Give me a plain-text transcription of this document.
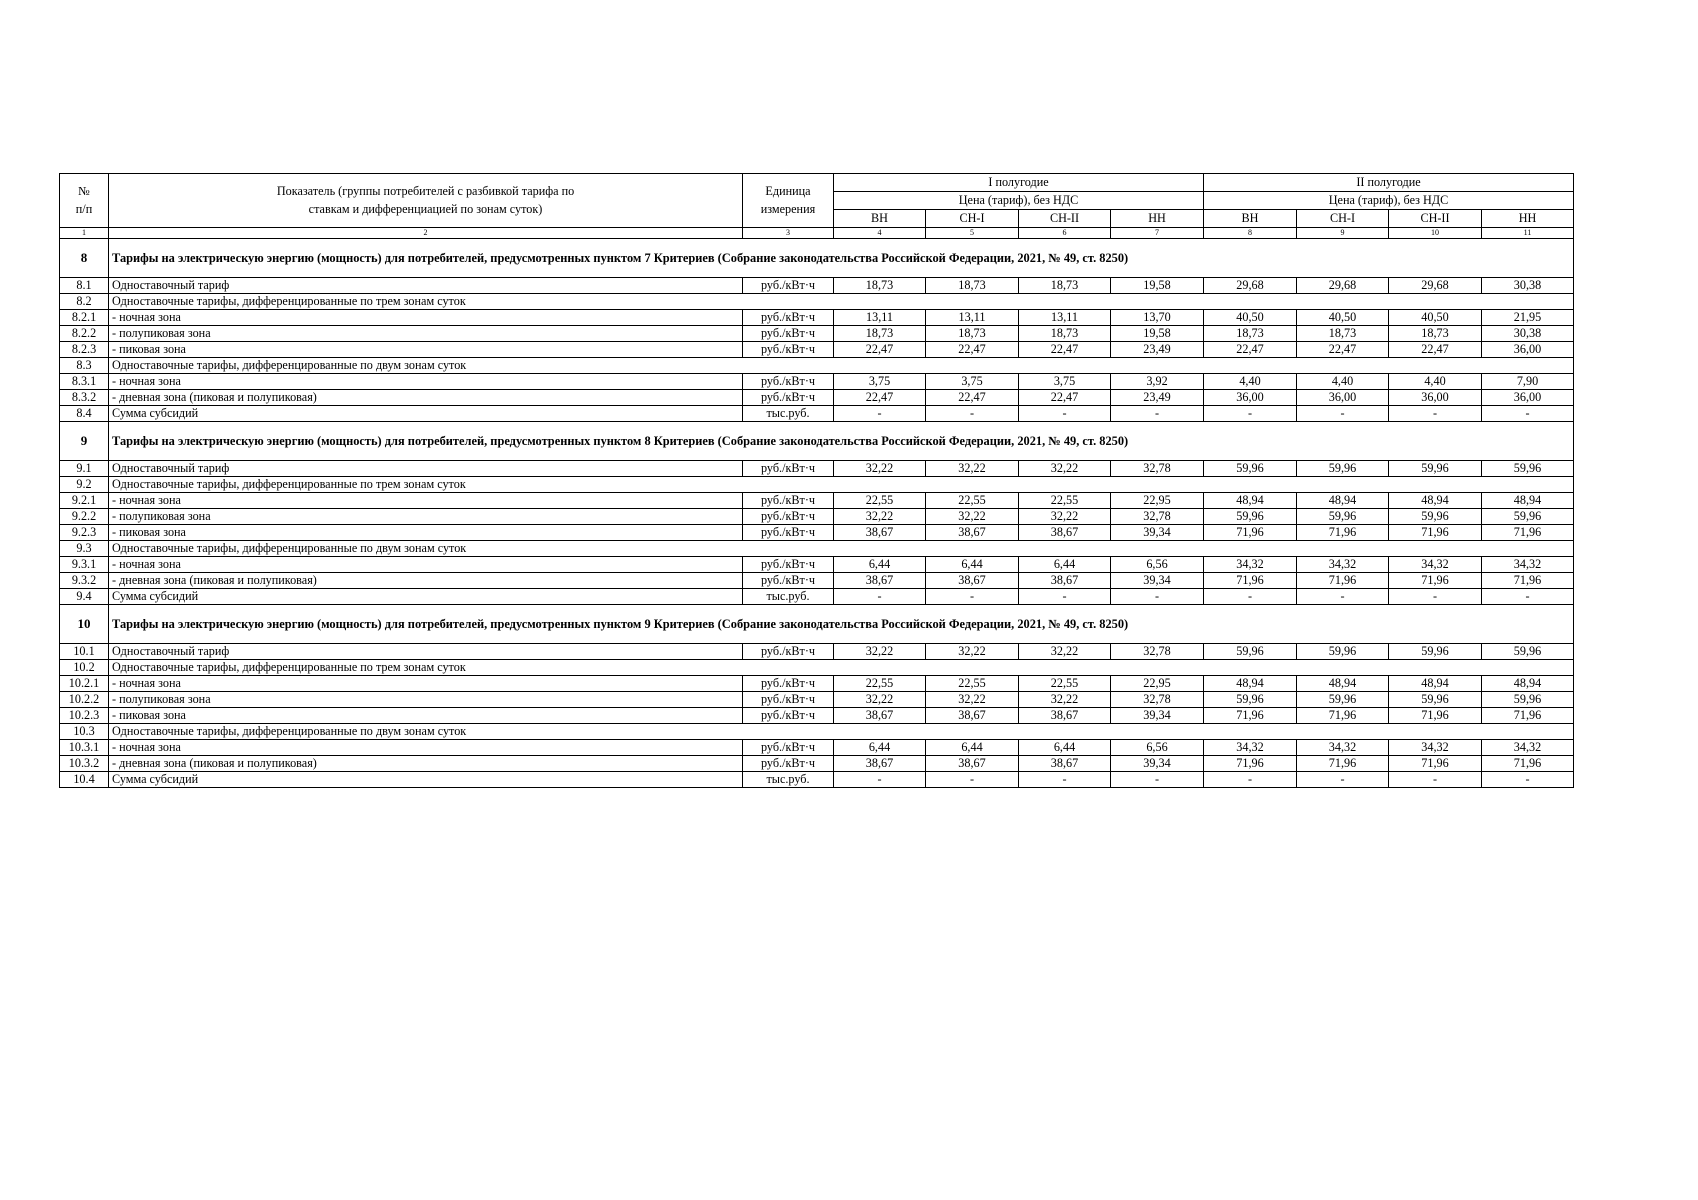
№
п/п	Показатель (группы потребителей с разбивкой тарифа по ставкам и дифференциацией по зонам суток)	Единица измерения	I полугодие				II полугодие			
			Цена (тариф), без НДС				Цена (тариф), без НДС			
			ВН	СН-I	СН-II	НН	ВН	СН-I	СН-II	НН
1	2	3	4	5	6	7	8	9	10	11
8	Тарифы на электрическую энергию (мощность) для потребителей, предусмотренных пунктом 7 Критериев (Собрание законодательства Российской Федерации, 2021, № 49, ст. 8250)									
8.1	Одноставочный тариф	руб./кВт·ч	18,73	18,73	18,73	19,58	29,68	29,68	29,68	30,38
8.2	Одноставочные тарифы, дифференцированные по трем зонам суток									
8.2.1	- ночная зона	руб./кВт·ч	13,11	13,11	13,11	13,70	40,50	40,50	40,50	21,95
8.2.2	- полупиковая зона	руб./кВт·ч	18,73	18,73	18,73	19,58	18,73	18,73	18,73	30,38
8.2.3	- пиковая зона	руб./кВт·ч	22,47	22,47	22,47	23,49	22,47	22,47	22,47	36,00
8.3	Одноставочные тарифы, дифференцированные по двум зонам суток									
8.3.1	- ночная зона	руб./кВт·ч	3,75	3,75	3,75	3,92	4,40	4,40	4,40	7,90
8.3.2	- дневная зона (пиковая и полупиковая)	руб./кВт·ч	22,47	22,47	22,47	23,49	36,00	36,00	36,00	36,00
8.4	Сумма субсидий	тыс.руб.	-	-	-	-	-	-	-	-
9	Тарифы на электрическую энергию (мощность) для потребителей, предусмотренных пунктом 8 Критериев (Собрание законодательства Российской Федерации, 2021, № 49, ст. 8250)									
9.1	Одноставочный тариф	руб./кВт·ч	32,22	32,22	32,22	32,78	59,96	59,96	59,96	59,96
9.2	Одноставочные тарифы, дифференцированные по трем зонам суток									
9.2.1	- ночная зона	руб./кВт·ч	22,55	22,55	22,55	22,95	48,94	48,94	48,94	48,94
9.2.2	- полупиковая зона	руб./кВт·ч	32,22	32,22	32,22	32,78	59,96	59,96	59,96	59,96
9.2.3	- пиковая зона	руб./кВт·ч	38,67	38,67	38,67	39,34	71,96	71,96	71,96	71,96
9.3	Одноставочные тарифы, дифференцированные по двум зонам суток									
9.3.1	- ночная зона	руб./кВт·ч	6,44	6,44	6,44	6,56	34,32	34,32	34,32	34,32
9.3.2	- дневная зона (пиковая и полупиковая)	руб./кВт·ч	38,67	38,67	38,67	39,34	71,96	71,96	71,96	71,96
9.4	Сумма субсидий	тыс.руб.	-	-	-	-	-	-	-	-
10	Тарифы на электрическую энергию (мощность) для потребителей, предусмотренных пунктом 9 Критериев (Собрание законодательства Российской Федерации, 2021, № 49, ст. 8250)									
10.1	Одноставочный тариф	руб./кВт·ч	32,22	32,22	32,22	32,78	59,96	59,96	59,96	59,96
10.2	Одноставочные тарифы, дифференцированные по трем зонам суток									
10.2.1	- ночная зона	руб./кВт·ч	22,55	22,55	22,55	22,95	48,94	48,94	48,94	48,94
10.2.2	- полупиковая зона	руб./кВт·ч	32,22	32,22	32,22	32,78	59,96	59,96	59,96	59,96
10.2.3	- пиковая зона	руб./кВт·ч	38,67	38,67	38,67	39,34	71,96	71,96	71,96	71,96
10.3	Одноставочные тарифы, дифференцированные по двум зонам суток									
10.3.1	- ночная зона	руб./кВт·ч	6,44	6,44	6,44	6,56	34,32	34,32	34,32	34,32
10.3.2	- дневная зона (пиковая и полупиковая)	руб./кВт·ч	38,67	38,67	38,67	39,34	71,96	71,96	71,96	71,96
10.4	Сумма субсидий	тыс.руб.	-	-	-	-	-	-	-	-
